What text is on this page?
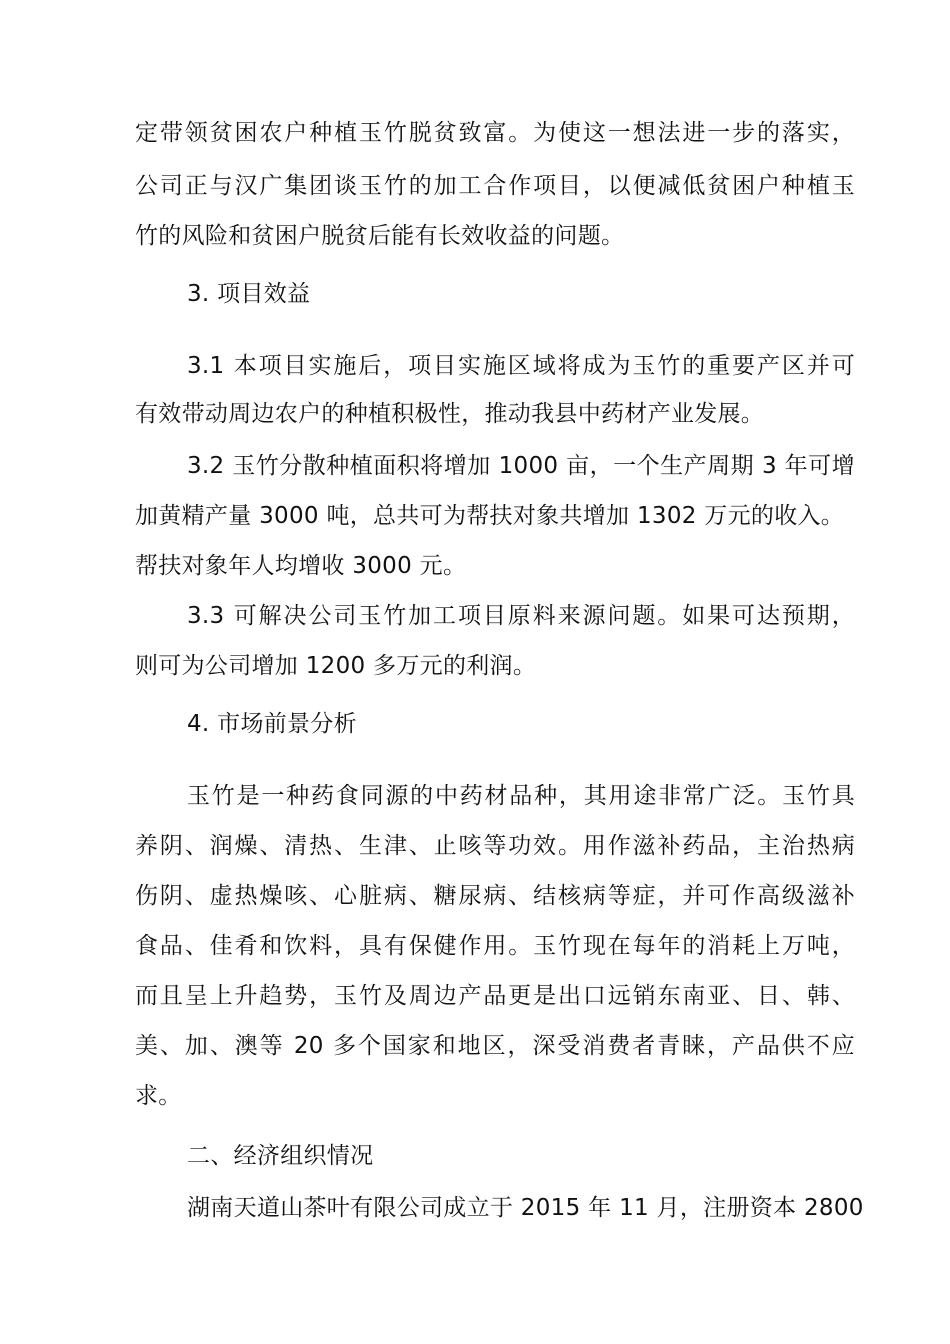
定带领贫困农户种植玉竹脱贫致富。为使这一想法进一步的落实，
公司正与汉广集团谈玉竹的加工合作项目，以便减低贫困户种植玉
竹的风险和贫困户脱贫后能有长效收益的问题。
3. 项目效益
3.1 本项目实施后，项目实施区域将成为玉竹的重要产区并可
有效带动周边农户的种植积极性，推动我县中药材产业发展。
3.2 玉竹分散种植面积将增加 1000 亩，一个生产周期 3 年可增
加黄精产量 3000 吨，总共可为帮扶对象共增加 1302 万元的收入。
帮扶对象年人均增收 3000 元。
3.3 可解决公司玉竹加工项目原料来源问题。如果可达预期，
则可为公司增加 1200 多万元的利润。
4. 市场前景分析
玉竹是一种药食同源的中药材品种，其用途非常广泛。玉竹具
养阴、润燥、清热、生津、止咳等功效。用作滋补药品，主治热病
伤阴、虚热燥咳、心脏病、糖尿病、结核病等症，并可作高级滋补
食品、佳肴和饮料，具有保健作用。玉竹现在每年的消耗上万吨，
而且呈上升趋势，玉竹及周边产品更是出口远销东南亚、日、韩、
美、加、澳等 20 多个国家和地区，深受消费者青睐，产品供不应
求。
二、经济组织情况
湖南天道山茶叶有限公司成立于 2015 年 11 月，注册资本 2800
